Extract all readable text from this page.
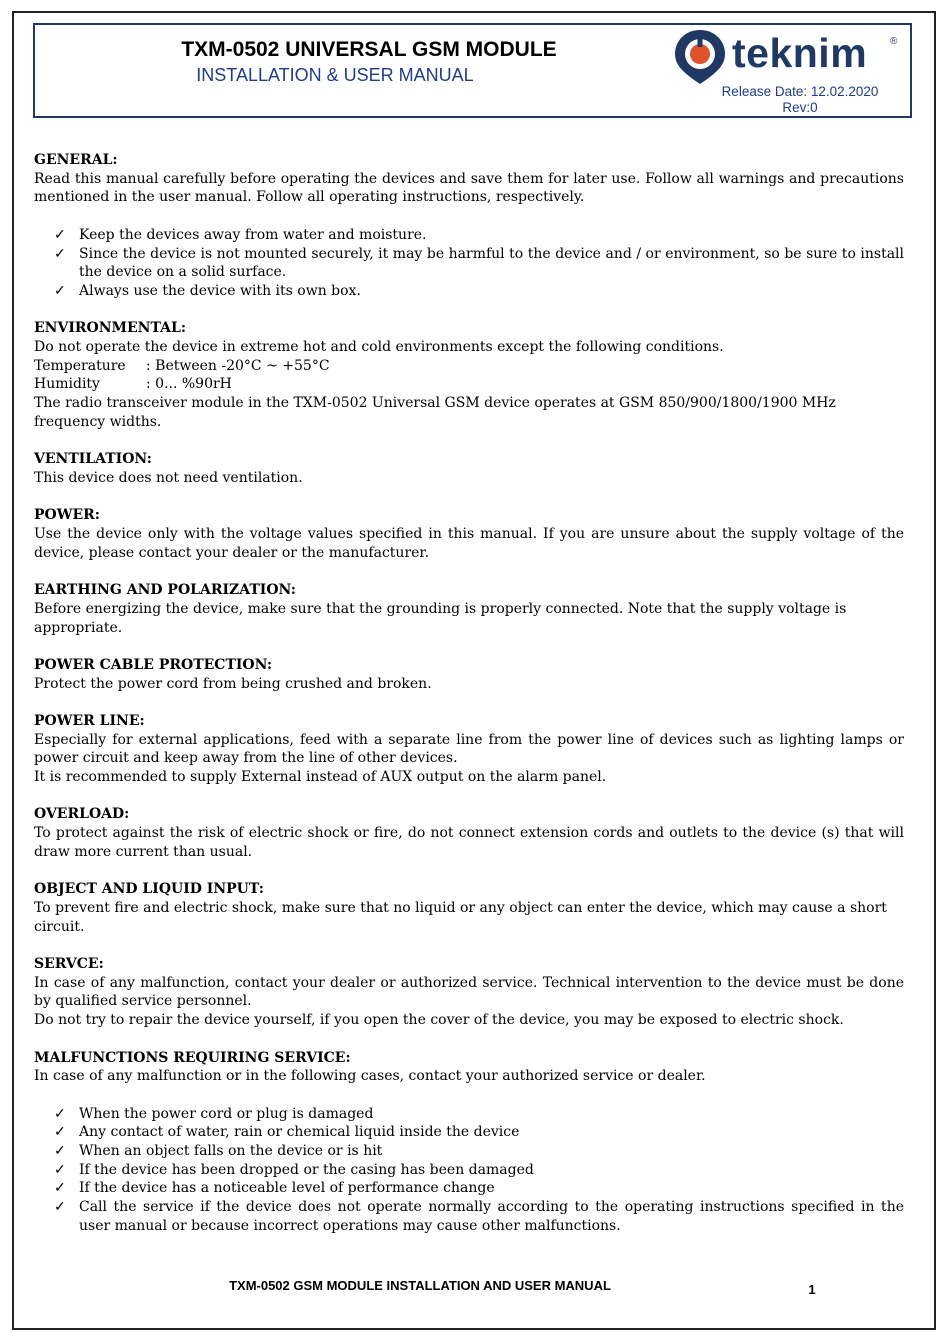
TXM-0502 UNIVERSAL GSM MODULE
INSTALLATION & USER MANUAL	teknim ®
Release Date: 12.02.2020
Rev:0
GENERAL:

Read this manual carefully before operating the devices and save them for later use. Follow all warnings and precautions mentioned in the user manual. Follow all operating instructions, respectively.

✓ Keep the devices away from water and moisture.
✓ Since the device is not mounted securely, it may be harmful to the device and / or environment, so be sure to install the device on a solid surface.
✓ Always use the device with its own box.
ENVIRONMENTAL:

Do not operate the device in extreme hot and cold environments except the following conditions.

Temperature	: Between -20°C ~ +55°C
Humidity	: 0... %90rH

The radio transceiver module in the TXM-0502 Universal GSM device operates at GSM 850/900/1800/1900 MHz frequency widths.

VENTILATION:

This device does not need ventilation.

POWER:

Use the device only with the voltage values specified in this manual. If you are unsure about the supply voltage of the device, please contact your dealer or the manufacturer.

EARTHING AND POLARIZATION:

Before energizing the device, make sure that the grounding is properly connected. Note that the supply voltage is appropriate.

POWER CABLE PROTECTION:

Protect the power cord from being crushed and broken.

POWER LINE:

Especially for external applications, feed with a separate line from the power line of devices such as lighting lamps or power circuit and keep away from the line of other devices.

It is recommended to supply External instead of AUX output on the alarm panel.

OVERLOAD:

To protect against the risk of electric shock or fire, do not connect extension cords and outlets to the device (s) that will draw more current than usual.

OBJECT AND LIQUID INPUT:

To prevent fire and electric shock, make sure that no liquid or any object can enter the device, which may cause a short circuit.

SERVCE:

In case of any malfunction, contact your dealer or authorized service. Technical intervention to the device must be done by qualified service personnel.

Do not try to repair the device yourself, if you open the cover of the device, you may be exposed to electric shock.

MALFUNCTIONS REQUIRING SERVICE:

In case of any malfunction or in the following cases, contact your authorized service or dealer.

✓ When the power cord or plug is damaged
✓ Any contact of water, rain or chemical liquid inside the device
✓ When an object falls on the device or is hit
✓ If the device has been dropped or the casing has been damaged
✓ If the device has a noticeable level of performance change
✓ Call the service if the device does not operate normally according to the operating instructions specified in the user manual or because incorrect operations may cause other malfunctions.
TXM-0502 GSM MODULE INSTALLATION AND USER MANUAL	1
